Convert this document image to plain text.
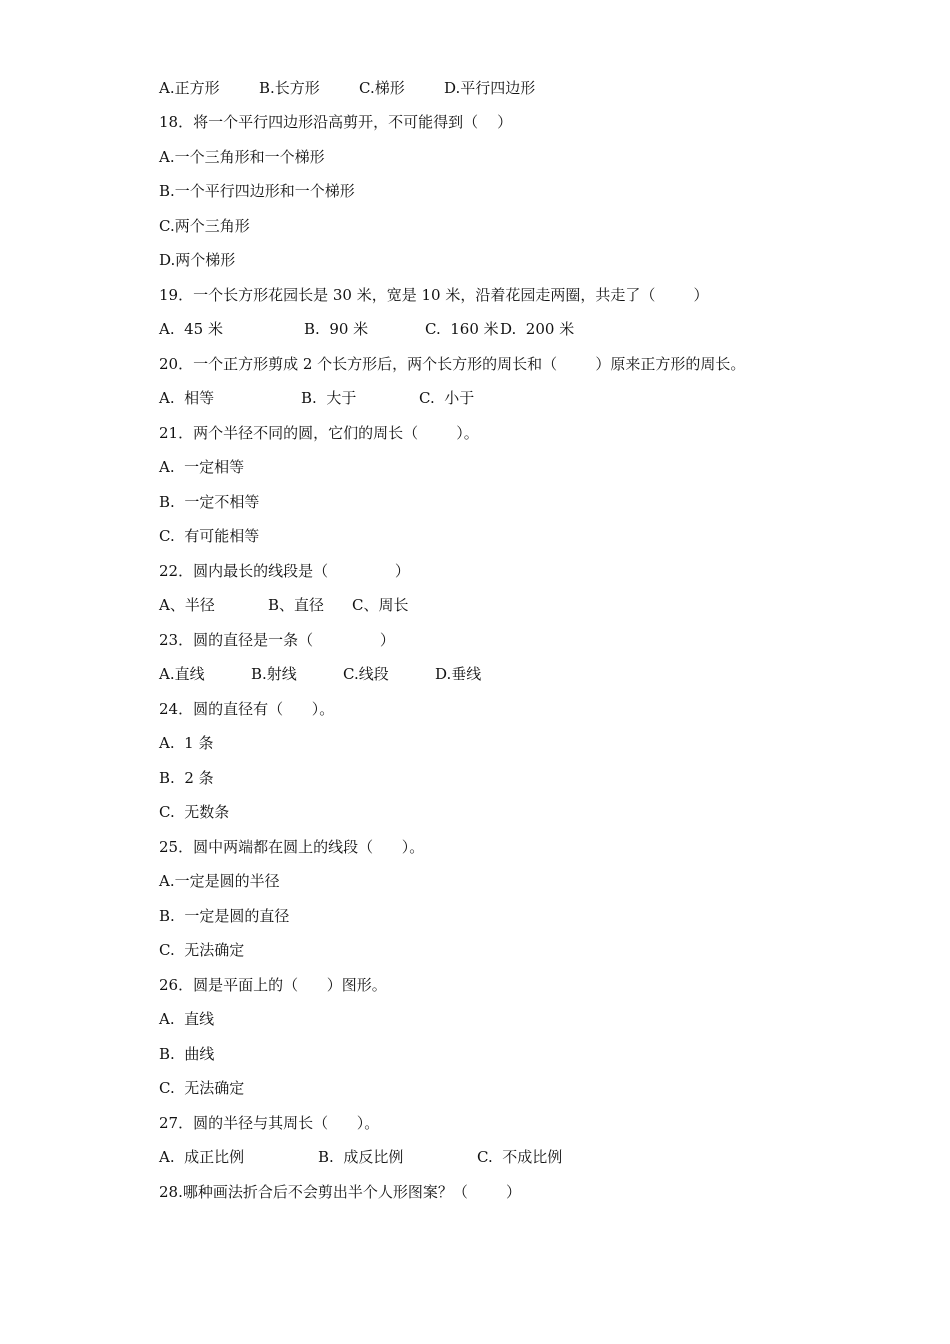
A.正方形

	B.长方形

	C.梯形

	D.平行四边形

18．将一个平行四边形沿高剪开，不可能得到（    ）
A.一个三角形和一个梯形
B.一个平行四边形和一个梯形
C.两个三角形
D.两个梯形
19．一个长方形花园长是 30 米，宽是 10 米，沿着花园走两圈，共走了（        ）

A.  45 米

	B.  90 米

	C.  160 米

D.  200 米

20．一个正方形剪成 2 个长方形后，两个长方形的周长和（        ）原来正方形的周长。

A.  相等

	B.  大于

	C.  小于

21．两个半径不同的圆，它们的周长（        ）。
A.  一定相等
B.  一定不相等
C.  有可能相等
22．圆内最长的线段是（              ）

A、半径

	B、直径

C、周长

23．圆的直径是一条（              ）

A.直线

	B.射线

	C.线段

	D.垂线

24．圆的直径有（      ）。
A.  1 条
B.  2 条
C.  无数条
25．圆中两端都在圆上的线段（      ）。
A.一定是圆的半径
B.  一定是圆的直径
C.  无法确定
26．圆是平面上的（      ）图形。
A.  直线
B.  曲线
C.  无法确定
27．圆的半径与其周长（      ）。

A.  成正比例

	B.  成反比例

	C.  不成比例

28.哪种画法折合后不会剪出半个人形图案？（        ）
